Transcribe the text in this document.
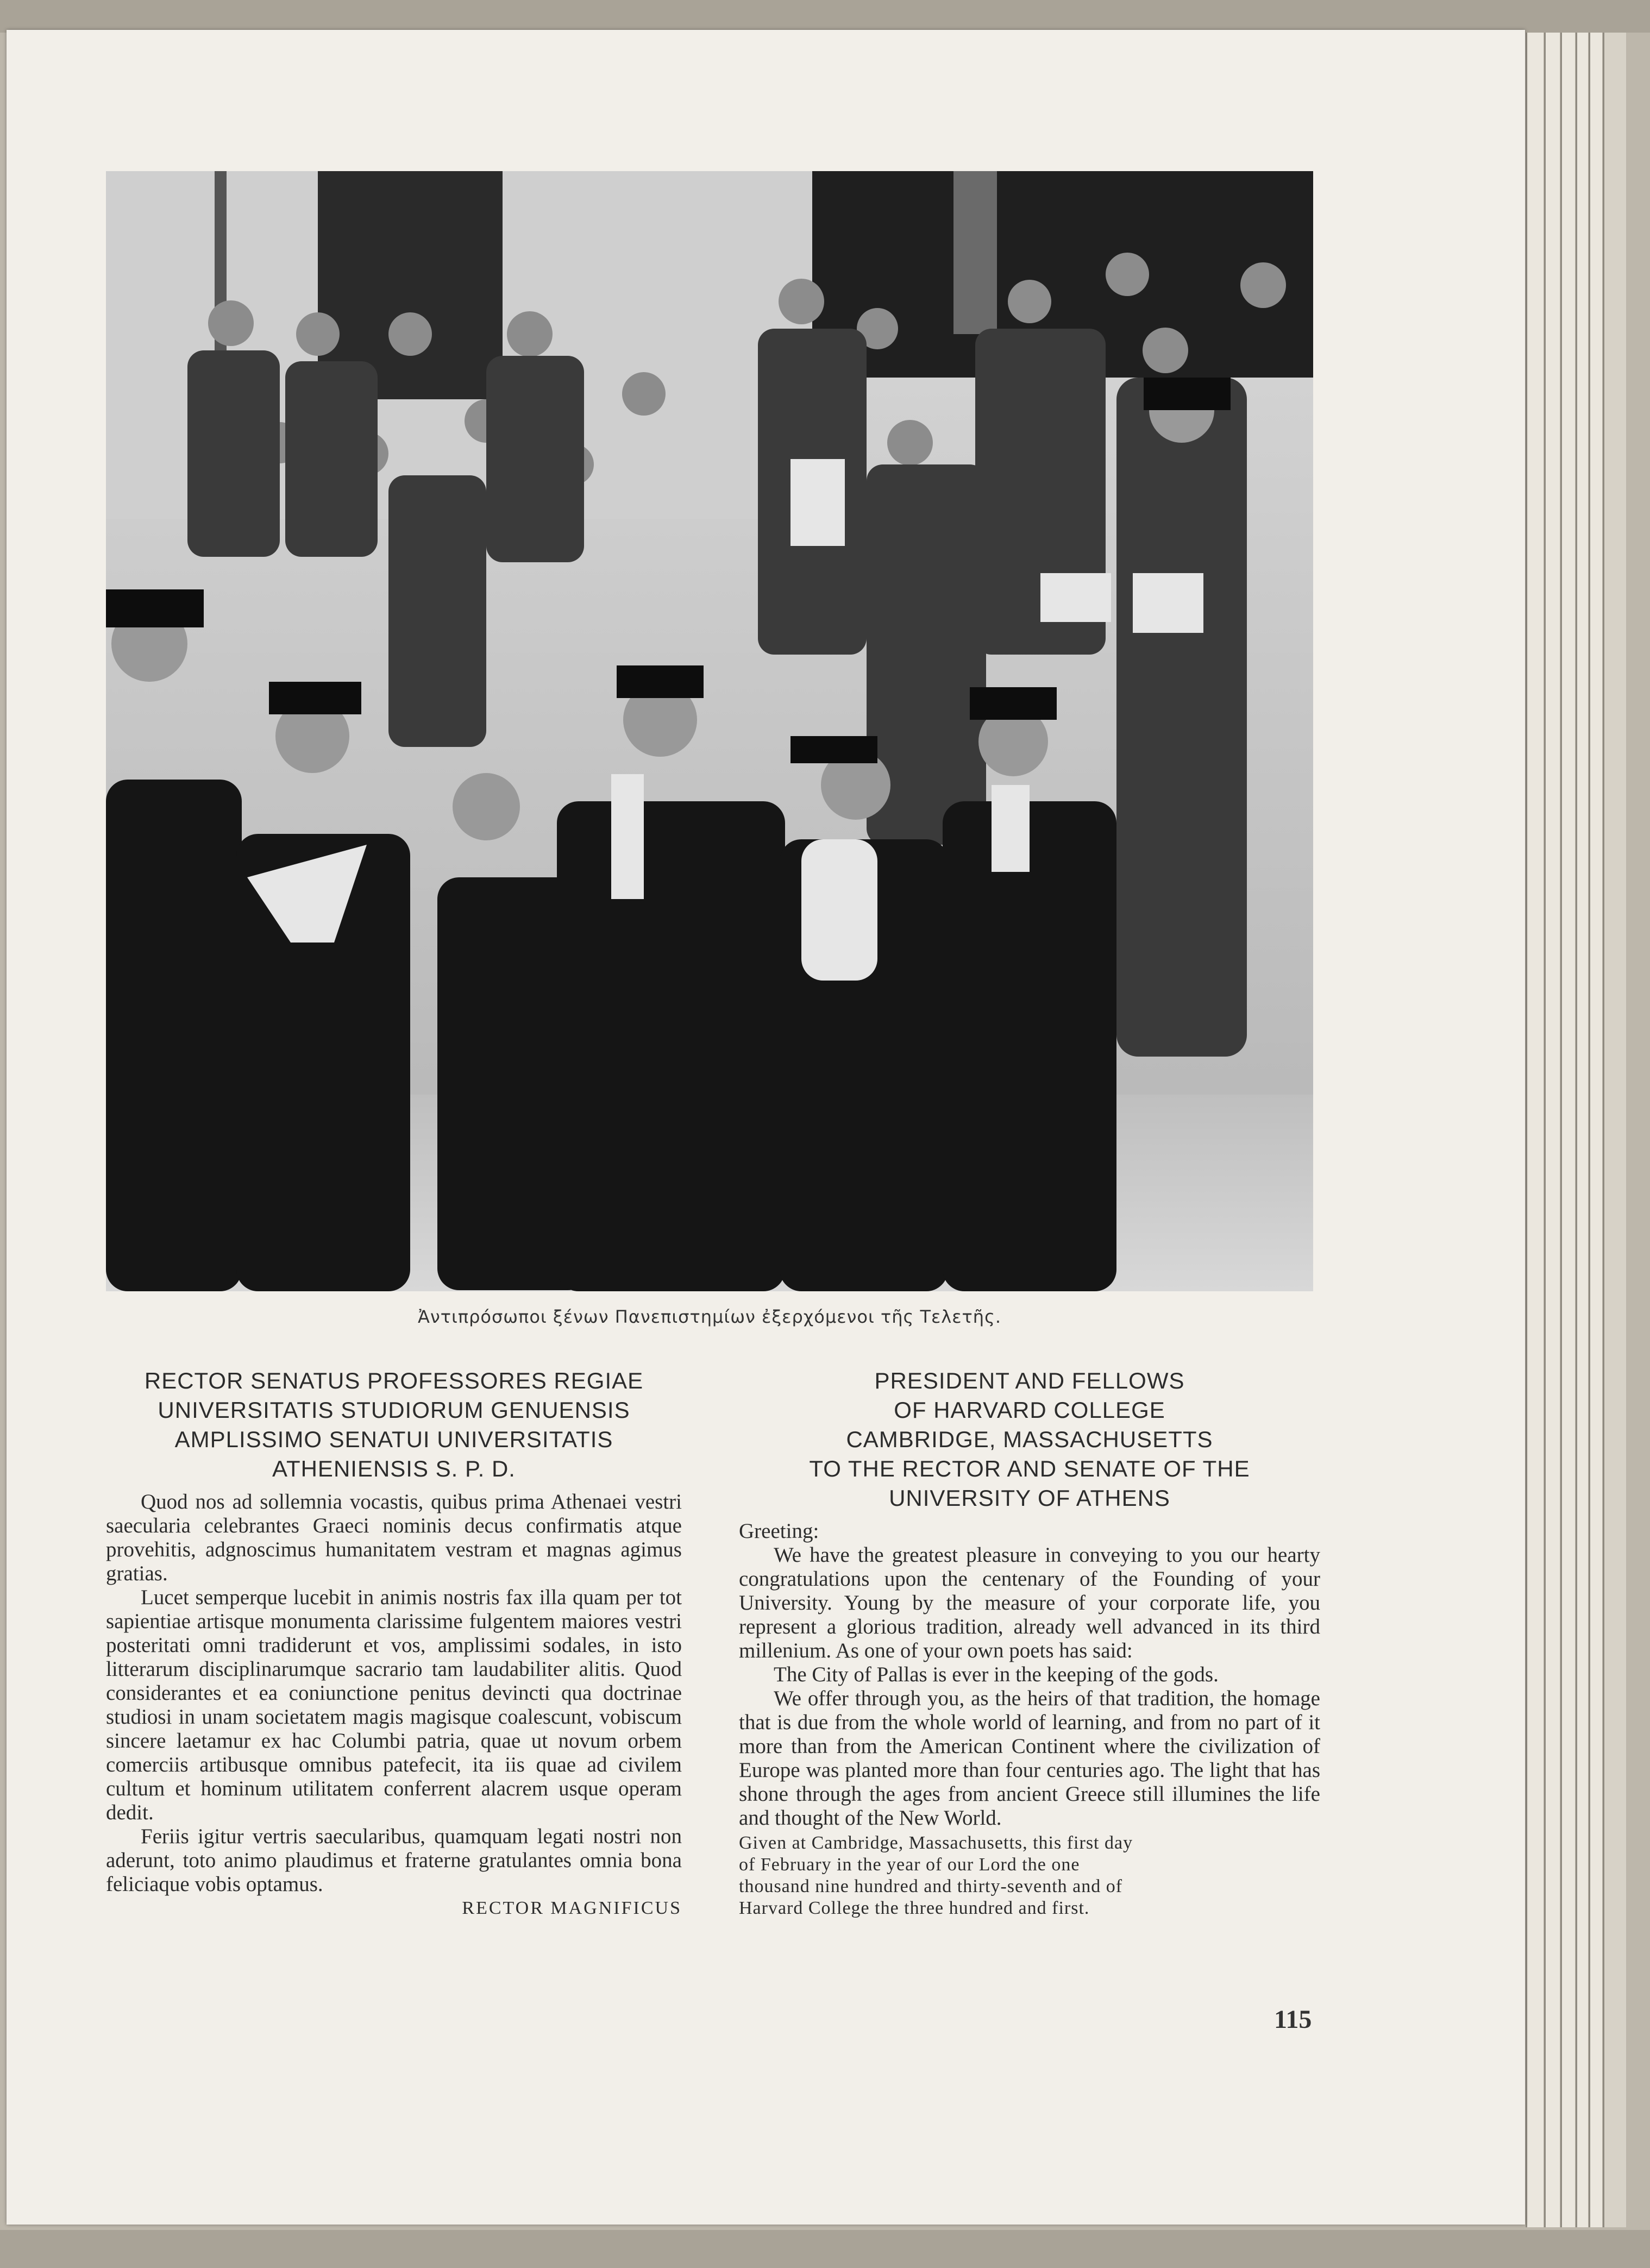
Ἀντιπρόσωποι ξένων Πανεπιστημίων ἐξερχόμενοι τῆς Τελετῆς.
RECTOR SENATUS PROFESSORES REGIAE
UNIVERSITATIS STUDIORUM GENUENSIS
AMPLISSIMO SENATUI UNIVERSITATIS
ATHENIENSIS S. P. D.

Quod nos ad sollemnia vocastis, quibus prima Athenaei vestri saecularia celebrantes Graeci nominis decus confirmatis atque provehitis, adgnoscimus humanitatem vestram et magnas agimus gratias.

Lucet semperque lucebit in animis nostris fax illa quam per tot sapientiae artisque monumenta clarissime fulgentem maiores vestri posteritati omni tradiderunt et vos, amplissimi sodales, in isto litterarum disciplinarumque sacrario tam laudabiliter alitis. Quod considerantes et ea coniunctione penitus devincti qua doctrinae studiosi in unam societatem magis magisque coalescunt, vobiscum sincere laetamur ex hac Columbi patria, quae ut novum orbem comerciis artibusque omnibus patefecit, ita iis quae ad civilem cultum et hominum utilitatem conferrent alacrem usque operam dedit.

Feriis igitur vertris saecularibus, quamquam legati nostri non aderunt, toto animo plaudimus et fraterne gratulantes omnia bona feliciaque vobis optamus.

RECTOR MAGNIFICUS
PRESIDENT AND FELLOWS
OF HARVARD COLLEGE
CAMBRIDGE, MASSACHUSETTS
TO THE RECTOR AND SENATE OF THE
UNIVERSITY OF ATHENS

Greeting:

We have the greatest pleasure in conveying to you our hearty congratulations upon the centenary of the Founding of your University. Young by the measure of your corporate life, you represent a glorious tradition, already well advanced in its third millenium. As one of your own poets has said:

The City of Pallas is ever in the keeping of the gods.

We offer through you, as the heirs of that tradition, the homage that is due from the whole world of learning, and from no part of it more than from the American Continent where the civilization of Europe was planted more than four centuries ago. The light that has shone through the ages from ancient Greece still illumines the life and thought of the New World.

Given at Cambridge, Massachusetts, this first day of February in the year of our Lord the one thousand nine hundred and thirty-seventh and of Harvard College the three hundred and first.
115
